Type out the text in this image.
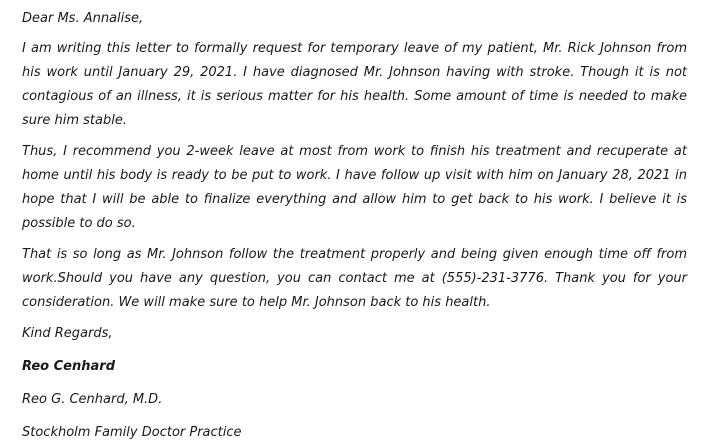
Dear Ms. Annalise,

I am writing this letter to formally request for temporary leave of my patient, Mr. Rick Johnson from his work until January 29, 2021. I have diagnosed Mr. Johnson having with stroke. Though it is not contagious of an illness, it is serious matter for his health. Some amount of time is needed to make sure him stable.

Thus, I recommend you 2-week leave at most from work to finish his treatment and recuperate at home until his body is ready to be put to work. I have follow up visit with him on January 28, 2021 in hope that I will be able to finalize everything and allow him to get back to his work. I believe it is possible to do so.

That is so long as Mr. Johnson follow the treatment properly and being given enough time off from work.Should you have any question, you can contact me at (555)-231-3776. Thank you for your consideration. We will make sure to help Mr. Johnson back to his health.

Kind Regards,

Reo Cenhard

Reo G. Cenhard, M.D.

Stockholm Family Doctor Practice
